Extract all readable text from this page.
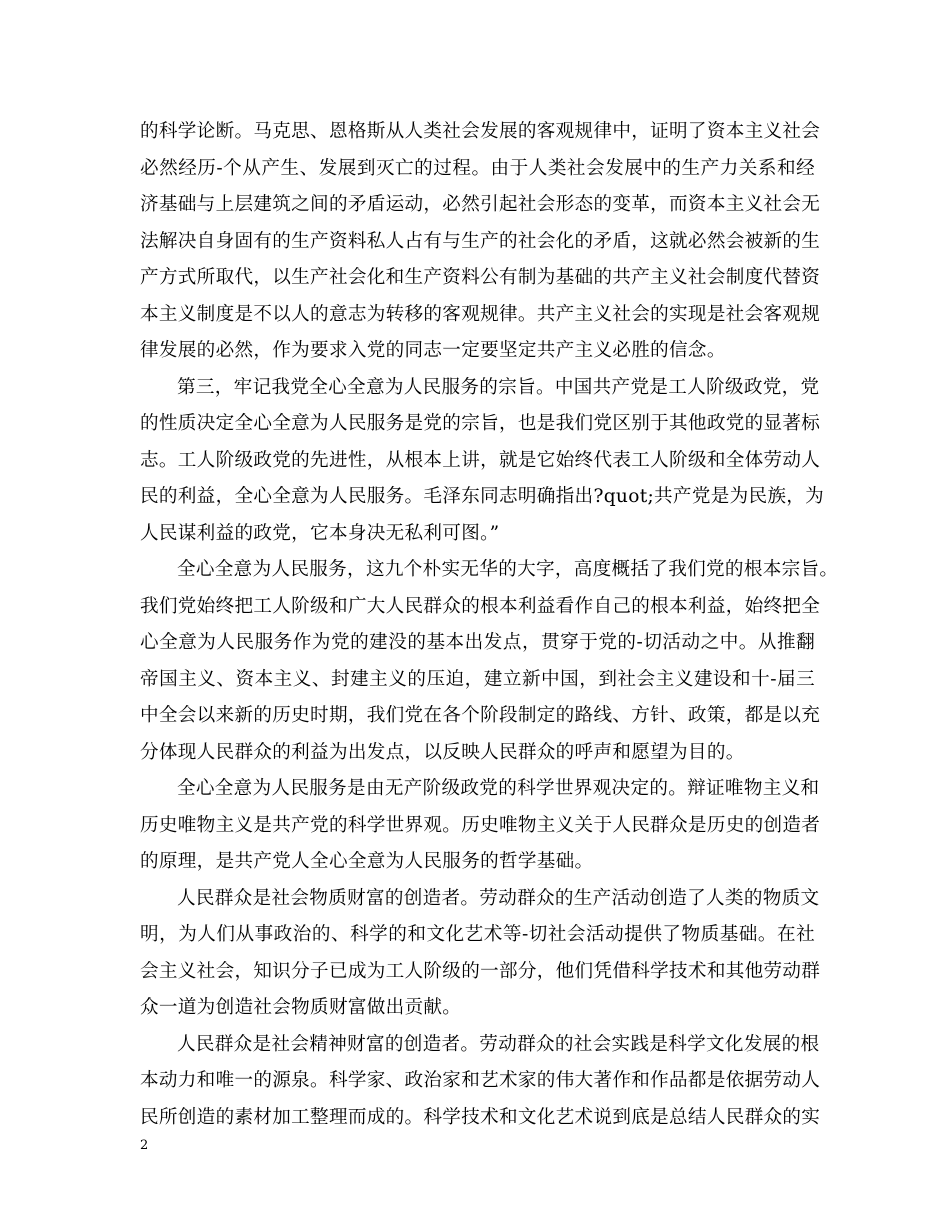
的科学论断。马克思、恩格斯从人类社会发展的客观规律中，证明了资本主义社会
必然经历-个从产生、发展到灭亡的过程。由于人类社会发展中的生产力关系和经
济基础与上层建筑之间的矛盾运动，必然引起社会形态的变革，而资本主义社会无
法解决自身固有的生产资料私人占有与生产的社会化的矛盾，这就必然会被新的生
产方式所取代，以生产社会化和生产资料公有制为基础的共产主义社会制度代替资
本主义制度是不以人的意志为转移的客观规律。共产主义社会的实现是社会客观规
律发展的必然，作为要求入党的同志一定要坚定共产主义必胜的信念。
第三，牢记我党全心全意为人民服务的宗旨。中国共产党是工人阶级政党，党
的性质决定全心全意为人民服务是党的宗旨，也是我们党区别于其他政党的显著标
志。工人阶级政党的先进性，从根本上讲，就是它始终代表工人阶级和全体劳动人
民的利益，全心全意为人民服务。毛泽东同志明确指出?quot;共产党是为民族，为
人民谋利益的政党，它本身决无私利可图。”
全心全意为人民服务，这九个朴实无华的大字，高度概括了我们党的根本宗旨。
我们党始终把工人阶级和广大人民群众的根本利益看作自己的根本利益，始终把全
心全意为人民服务作为党的建没的基本出发点，贯穿于党的-切活动之中。从推翻
帝国主义、资本主义、封建主义的压迫，建立新中国，到社会主义建设和十-届三
中全会以来新的历史时期，我们党在各个阶段制定的路线、方针、政策，都是以充
分体现人民群众的利益为出发点，以反映人民群众的呼声和愿望为目的。
全心全意为人民服务是由无产阶级政党的科学世界观决定的。辩证唯物主义和
历史唯物主义是共产党的科学世界观。历史唯物主义关于人民群众是历史的创造者
的原理，是共产党人全心全意为人民服务的哲学基础。
人民群众是社会物质财富的创造者。劳动群众的生产活动创造了人类的物质文
明，为人们从事政治的、科学的和文化艺术等-切社会活动提供了物质基础。在社
会主义社会，知识分子已成为工人阶级的一部分，他们凭借科学技术和其他劳动群
众一道为创造社会物质财富做出贡献。
人民群众是社会精神财富的创造者。劳动群众的社会实践是科学文化发展的根
本动力和唯一的源泉。科学家、政治家和艺术家的伟大著作和作品都是依据劳动人
民所创造的素材加工整理而成的。科学技术和文化艺术说到底是总结人民群众的实
2
